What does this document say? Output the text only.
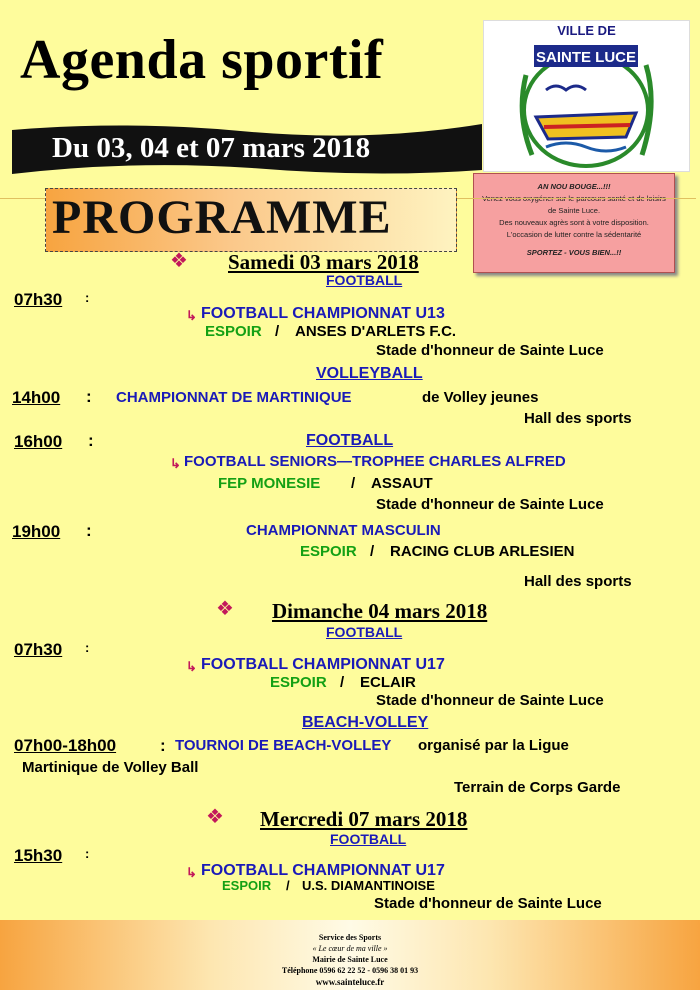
Agenda sportif
Du 03, 04 et 07 mars 2018
VILLE DE
SAINTE LUCE
AN NOU BOUGE...!!!
Venez vous oxygéner sur le parcours santé et de loisirs de Sainte Luce.
Des nouveaux agrès sont à votre disposition.
L'occasion de lutter contre la sédentarité
SPORTEZ - VOUS BIEN...!!
PROGRAMME
❖ Samedi 03 mars 2018
FOOTBALL
07h30 :
↳ FOOTBALL CHAMPIONNAT U13
ESPOIR / ANSES D'ARLETS F.C.
Stade d'honneur de Sainte Luce
VOLLEYBALL
14h00 : CHAMPIONNAT DE MARTINIQUE	de Volley jeunes
Hall des sports
16h00 :	FOOTBALL
↳ FOOTBALL SENIORS—TROPHEE CHARLES ALFRED
FEP MONESIE / ASSAUT
Stade d'honneur de Sainte Luce
19h00 :	CHAMPIONNAT MASCULIN
ESPOIR / RACING CLUB ARLESIEN
Hall des sports
❖ Dimanche 04 mars 2018
FOOTBALL
07h30 :
↳ FOOTBALL CHAMPIONNAT U17
ESPOIR / ECLAIR
Stade d'honneur de Sainte Luce
BEACH-VOLLEY
07h00-18h00	: TOURNOI DE BEACH-VOLLEY organisé par la Ligue
Martinique de Volley Ball
Terrain de Corps Garde
❖ Mercredi 07 mars 2018
FOOTBALL
15h30 :
↳ FOOTBALL CHAMPIONNAT U17
ESPOIR / U.S. DIAMANTINOISE
Stade d'honneur de Sainte Luce
Service des Sports
« Le cœur de ma ville »
Mairie de Sainte Luce
Téléphone 0596 62 22 52 - 0596 38 01 93
www.sainteluce.fr
